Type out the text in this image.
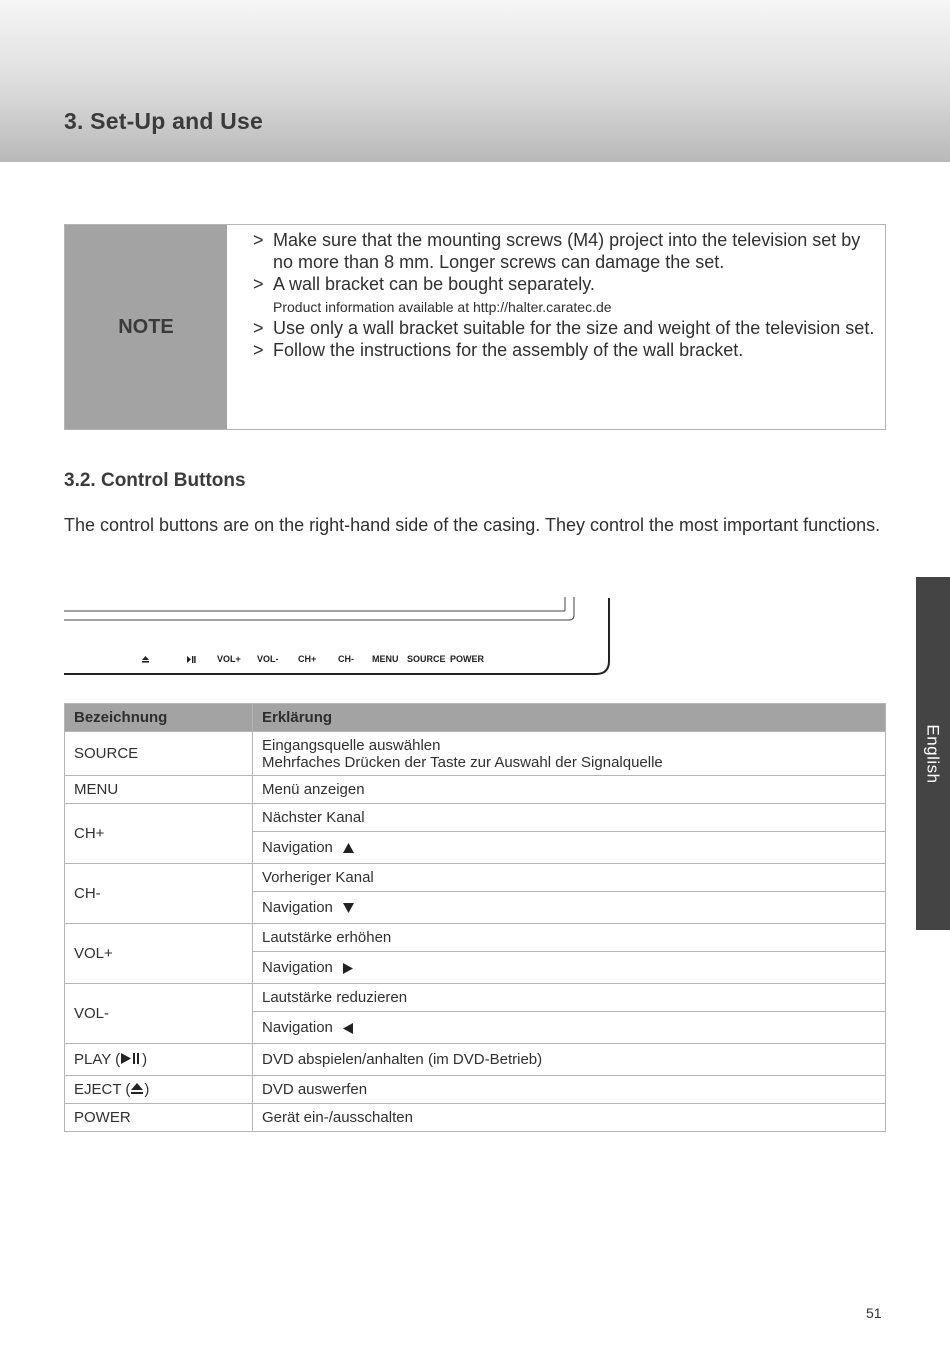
3. Set-Up and Use
NOTE
> Make sure that the mounting screws (M4) project into the television set by no more than 8 mm. Longer screws can damage the set.
> A wall bracket can be bought separately.
Product information available at http://halter.caratec.de
> Use only a wall bracket suitable for the size and weight of the television set.
> Follow the instructions for the assembly of the wall bracket.
3.2. Control Buttons

The control buttons are on the right-hand side of the casing. They control the most important functions.

VOL+ VOL- CH+ CH- MENU SOURCE POWER
Bezeichnung	Erklärung
SOURCE	Eingangsquelle auswählen
Mehrfaches Drücken der Taste zur Auswahl der Signalquelle

MENU	Menü anzeigen
CH+	Nächster Kanal
	Navigation
CH-	Vorheriger Kanal
	Navigation
VOL+	Lautstärke erhöhen
	Navigation
VOL-	Lautstärke reduzieren
	Navigation
PLAY ( )	DVD abspielen/anhalten (im DVD-Betrieb)
EJECT ( )	DVD auswerfen
POWER	Gerät ein-/ausschalten
English
51
